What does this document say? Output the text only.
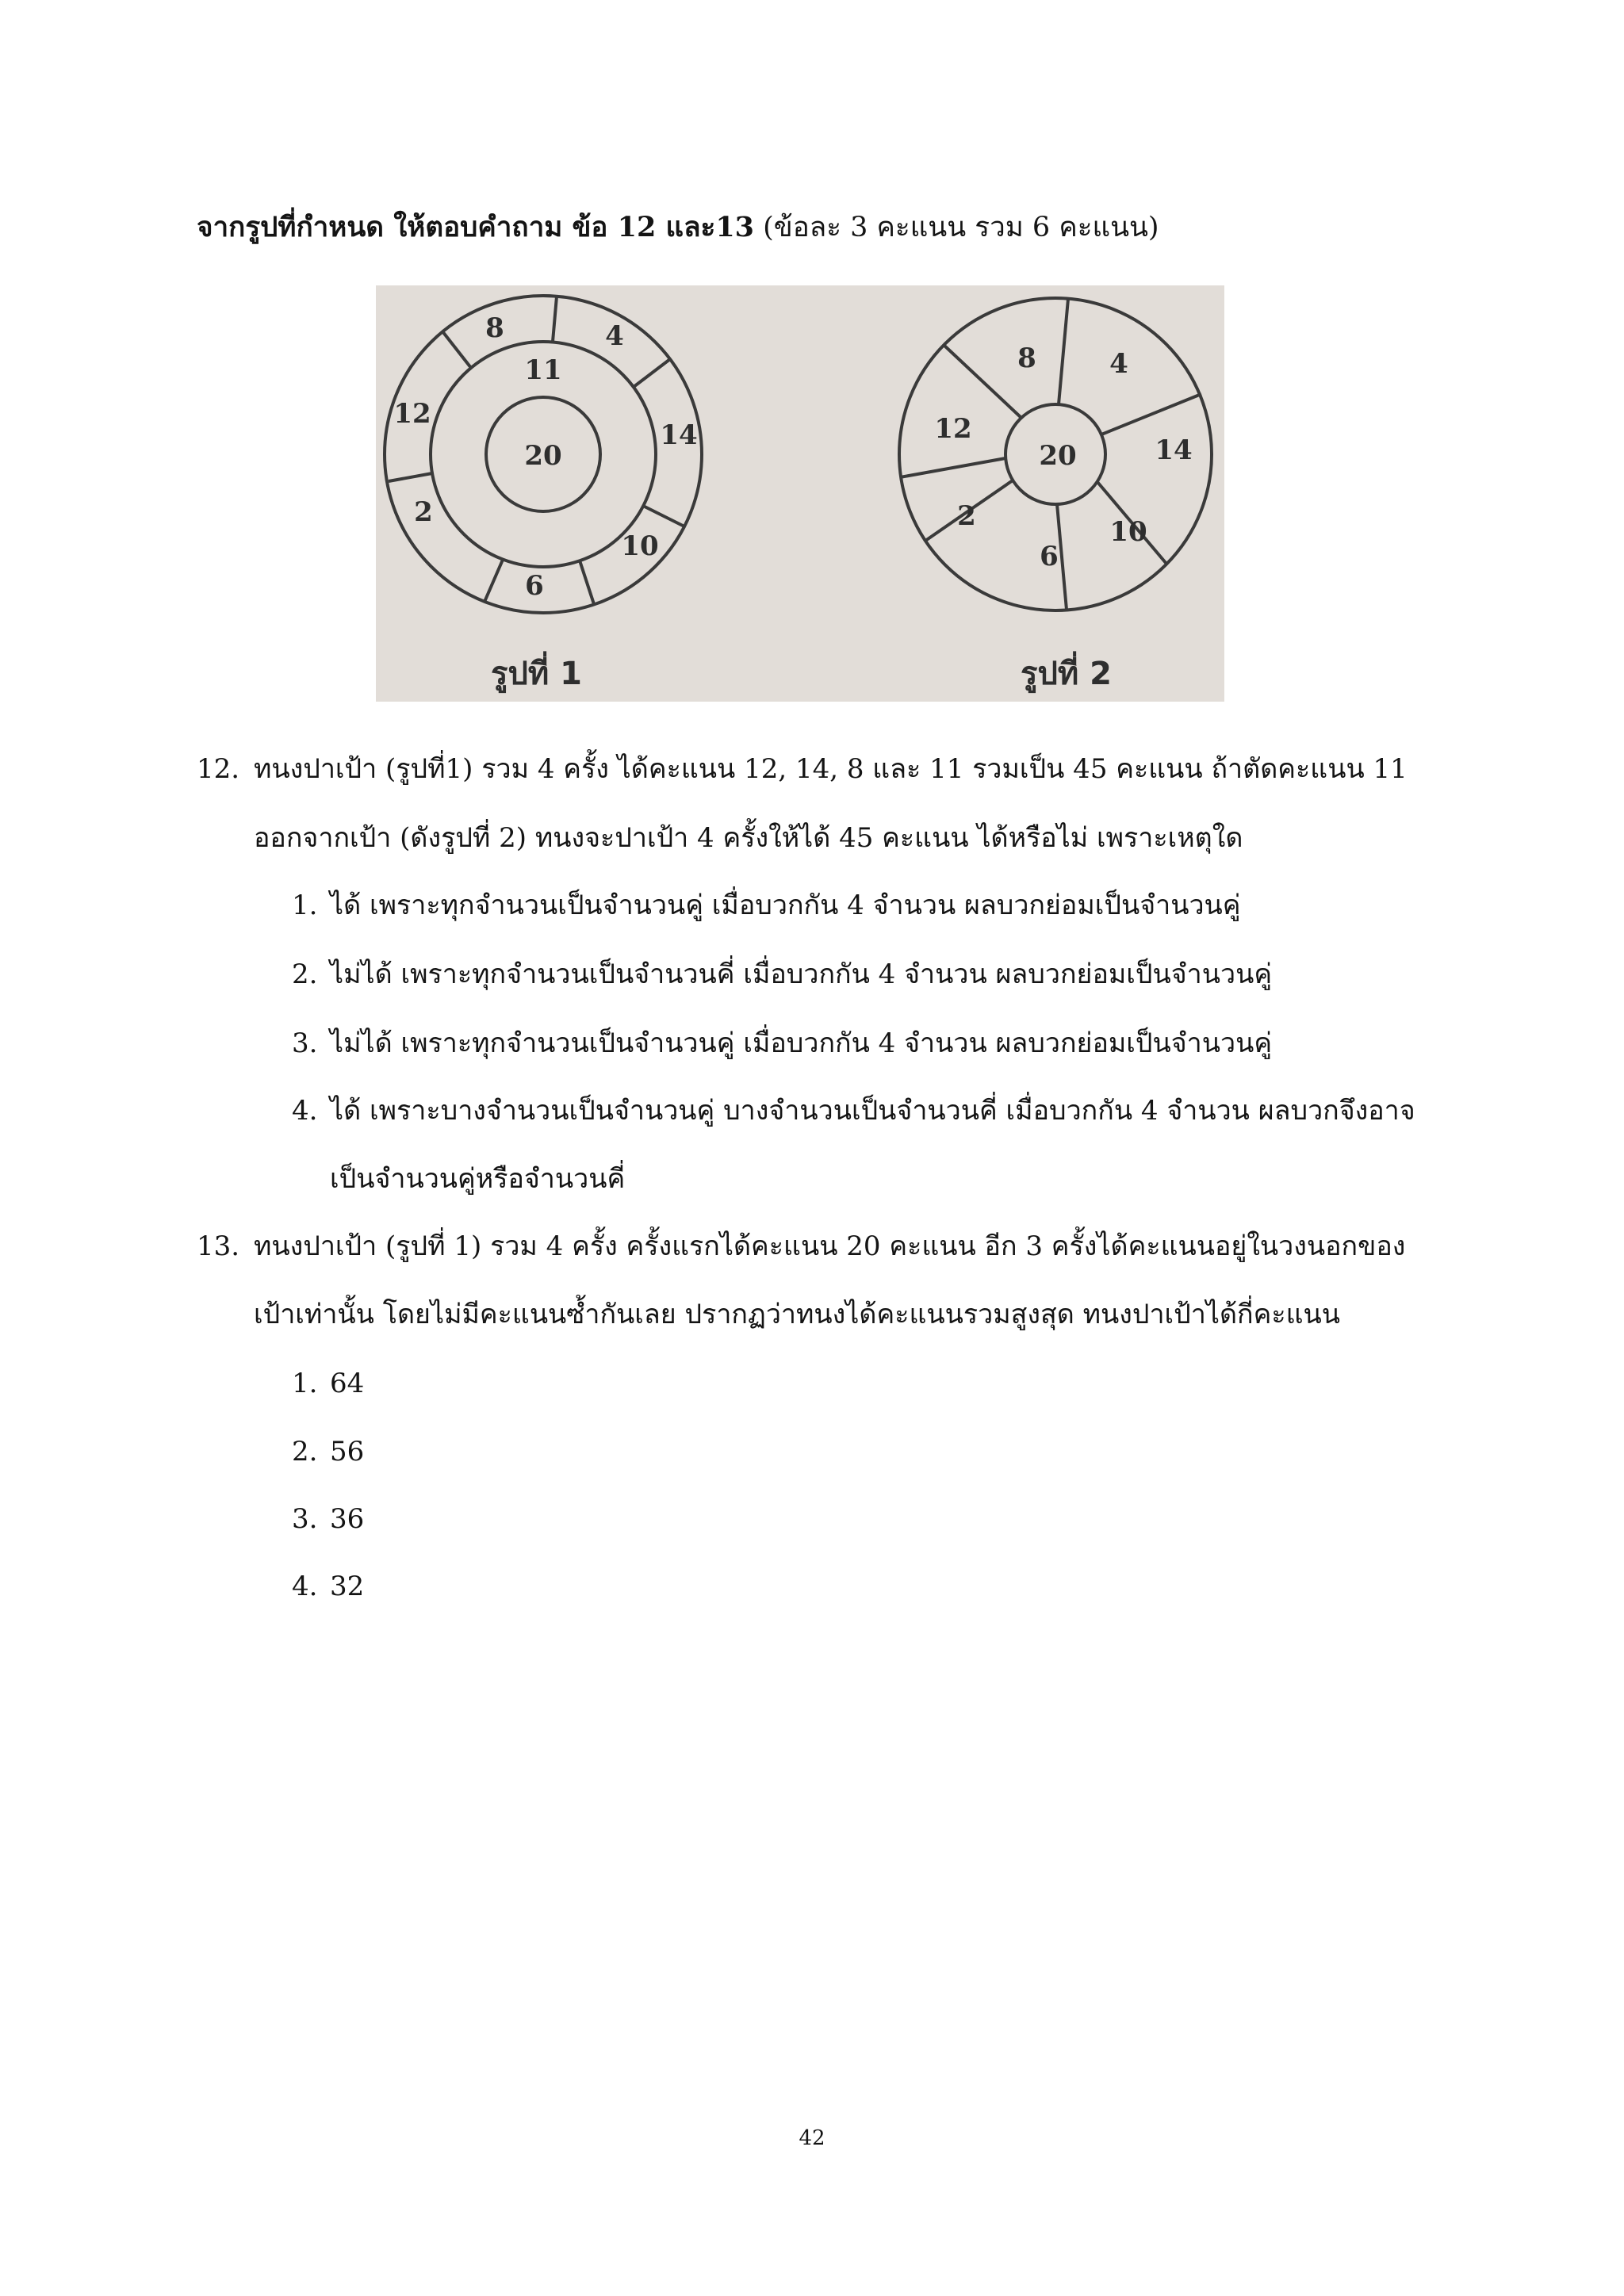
จากรูปที่กำหนด ให้ตอบคำถาม ข้อ 12 และ13 (ข้อละ 3 คะแนน รวม 6 คะแนน)
20
11
8	4
14
10
6
2
12
20
8	4
14
10
6
2
12
รูปที่ 1	รูปที่ 2
12. ทนงปาเป้า (รูปที่1) รวม 4 ครั้ง ได้คะแนน 12, 14, 8 และ 11 รวมเป็น 45 คะแนน ถ้าตัดคะแนน 11
ออกจากเป้า (ดังรูปที่ 2) ทนงจะปาเป้า 4 ครั้งให้ได้ 45 คะแนน ได้หรือไม่ เพราะเหตุใด
1. ได้ เพราะทุกจำนวนเป็นจำนวนคู่ เมื่อบวกกัน 4 จำนวน ผลบวกย่อมเป็นจำนวนคู่
2. ไม่ได้ เพราะทุกจำนวนเป็นจำนวนคี่ เมื่อบวกกัน 4 จำนวน ผลบวกย่อมเป็นจำนวนคู่
3. ไม่ได้ เพราะทุกจำนวนเป็นจำนวนคู่ เมื่อบวกกัน 4 จำนวน ผลบวกย่อมเป็นจำนวนคู่
4. ได้ เพราะบางจำนวนเป็นจำนวนคู่ บางจำนวนเป็นจำนวนคี่ เมื่อบวกกัน 4 จำนวน ผลบวกจึงอาจ
เป็นจำนวนคู่หรือจำนวนคี่
13. ทนงปาเป้า (รูปที่ 1) รวม 4 ครั้ง ครั้งแรกได้คะแนน 20 คะแนน อีก 3 ครั้งได้คะแนนอยู่ในวงนอกของ
เป้าเท่านั้น โดยไม่มีคะแนนซ้ำกันเลย ปรากฏว่าทนงได้คะแนนรวมสูงสุด ทนงปาเป้าได้กี่คะแนน
1. 64
2. 56
3. 36
4. 32
42
